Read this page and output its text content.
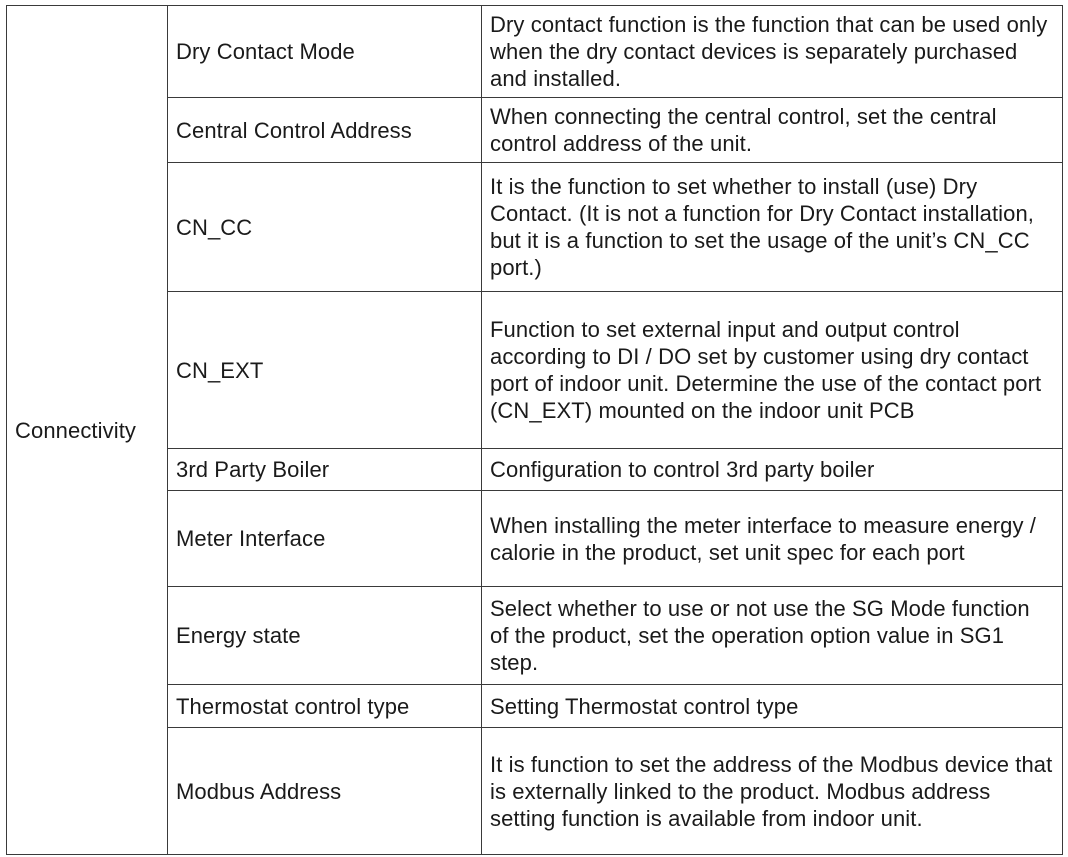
Connectivity	Dry Contact Mode	Dry contact function is the function that can be used only when the dry contact devices is separately purchased and installed.
	Central Control Address	When connecting the central control, set the central control address of the unit.
	CN_CC	It is the function to set whether to install (use) Dry Contact. (It is not a function for Dry Contact installation, but it is a function to set the usage of the unit’s CN_CC port.)
	CN_EXT	Function to set external input and output control according to DI / DO set by customer using dry contact port of indoor unit. Determine the use of the contact port (CN_EXT) mounted on the indoor unit PCB
	3rd Party Boiler	Configuration to control 3rd party boiler
	Meter Interface	When installing the meter interface to measure energy / calorie in the product, set unit spec for each port
	Energy state	Select whether to use or not use the SG Mode function of the product, set the operation option value in SG1 step.
	Thermostat control type	Setting Thermostat control type
	Modbus Address	It is function to set the address of the Modbus device that is externally linked to the product. Modbus address setting function is available from indoor unit.
